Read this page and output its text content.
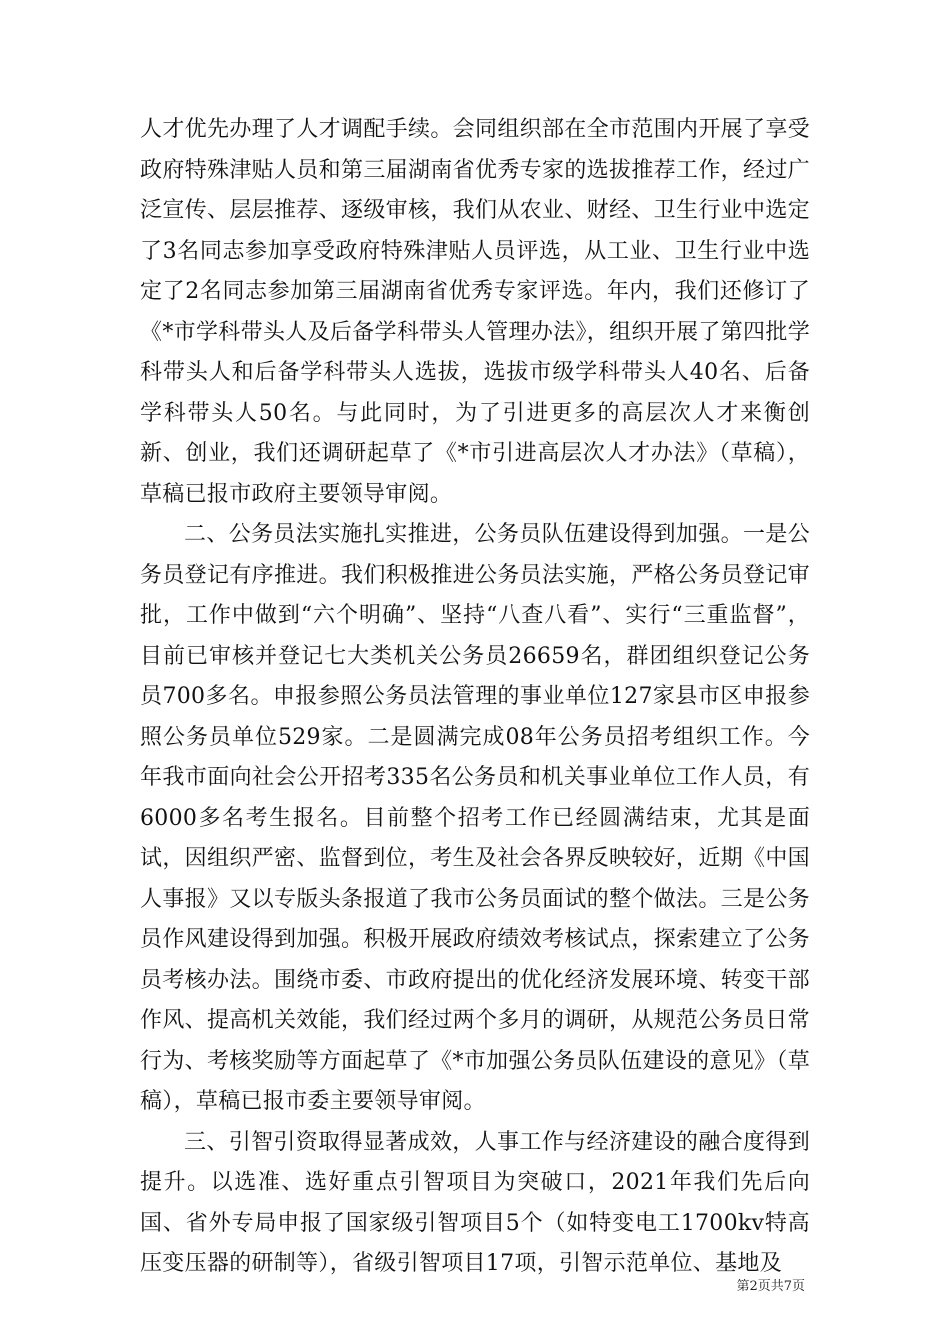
人才优先办理了人才调配手续。会同组织部在全市范围内开展了享受政府特殊津贴人员和第三届湖南省优秀专家的选拔推荐工作，经过广泛宣传、层层推荐、逐级审核，我们从农业、财经、卫生行业中选定了3名同志参加享受政府特殊津贴人员评选，从工业、卫生行业中选定了2名同志参加第三届湖南省优秀专家评选。年内，我们还修订了《*市学科带头人及后备学科带头人管理办法》，组织开展了第四批学科带头人和后备学科带头人选拔，选拔市级学科带头人40名、后备学科带头人50名。与此同时，为了引进更多的高层次人才来衡创新、创业，我们还调研起草了《*市引进高层次人才办法》（草稿），草稿已报市政府主要领导审阅。

二、公务员法实施扎实推进，公务员队伍建设得到加强。一是公务员登记有序推进。我们积极推进公务员法实施，严格公务员登记审批，工作中做到“六个明确”、坚持“八查八看”、实行“三重监督”，目前已审核并登记七大类机关公务员26659名，群团组织登记公务员700多名。申报参照公务员法管理的事业单位127家县市区申报参照公务员单位529家。二是圆满完成08年公务员招考组织工作。今年我市面向社会公开招考335名公务员和机关事业单位工作人员，有6000多名考生报名。目前整个招考工作已经圆满结束，尤其是面试，因组织严密、监督到位，考生及社会各界反映较好，近期《中国人事报》又以专版头条报道了我市公务员面试的整个做法。三是公务员作风建设得到加强。积极开展政府绩效考核试点，探索建立了公务员考核办法。围绕市委、市政府提出的优化经济发展环境、转变干部作风、提高机关效能，我们经过两个多月的调研，从规范公务员日常行为、考核奖励等方面起草了《*市加强公务员队伍建设的意见》（草稿），草稿已报市委主要领导审阅。

三、引智引资取得显著成效，人事工作与经济建设的融合度得到提升。以选准、选好重点引智项目为突破口，2021年我们先后向国、省外专局申报了国家级引智项目5个（如特变电工1700kv特高压变压器的研制等），省级引智项目17项，引智示范单位、基地及

第2页共7页
